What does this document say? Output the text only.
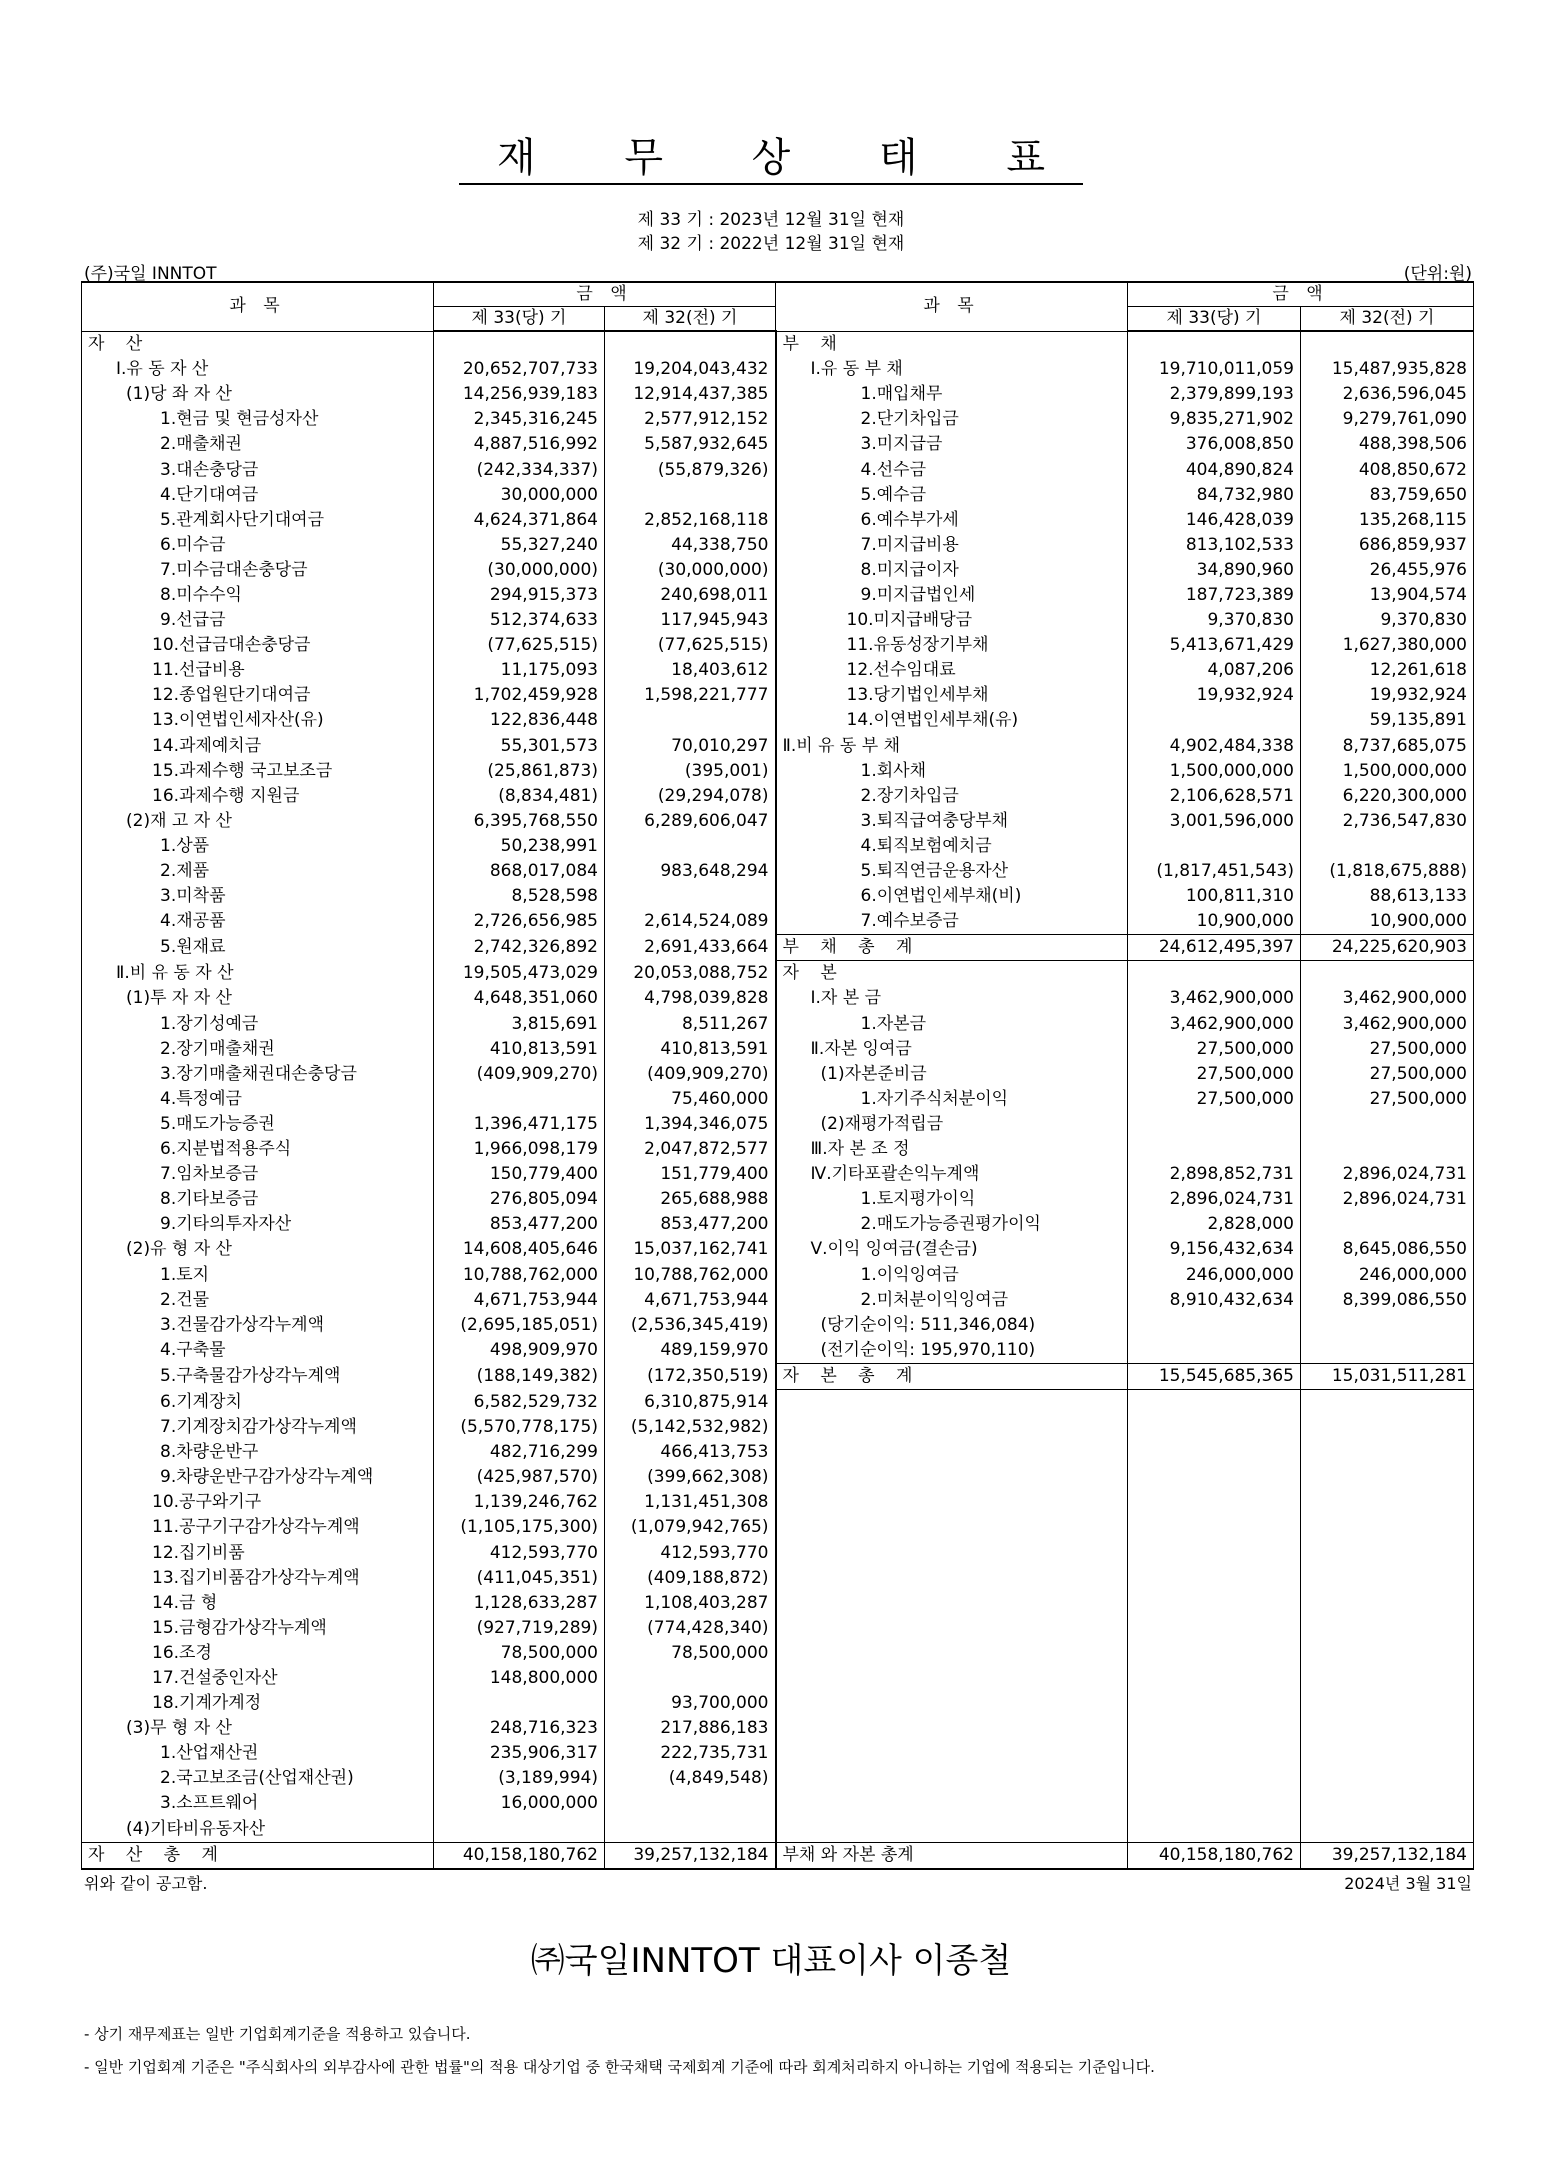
재 무 상 태 표
제 33 기 : 2023년 12월 31일 현재
제 32 기 : 2022년 12월 31일 현재
(주)국일 INNTOT	(단위:원)
과 목	금 액		과 목	금 액	
	제 33(당) 기	제 32(전) 기		제 33(당) 기	제 32(전) 기
자 산			부 채		
Ⅰ.유 동 자 산	20,652,707,733	19,204,043,432	Ⅰ.유 동 부 채	19,710,011,059	15,487,935,828
(1)당 좌 자 산	14,256,939,183	12,914,437,385	1.매입채무	2,379,899,193	2,636,596,045
1.현금 및 현금성자산	2,345,316,245	2,577,912,152	2.단기차입금	9,835,271,902	9,279,761,090
2.매출채권	4,887,516,992	5,587,932,645	3.미지급금	376,008,850	488,398,506
3.대손충당금	(242,334,337)	(55,879,326)	4.선수금	404,890,824	408,850,672
4.단기대여금	30,000,000		5.예수금	84,732,980	83,759,650
5.관계회사단기대여금	4,624,371,864	2,852,168,118	6.예수부가세	146,428,039	135,268,115
6.미수금	55,327,240	44,338,750	7.미지급비용	813,102,533	686,859,937
7.미수금대손충당금	(30,000,000)	(30,000,000)	8.미지급이자	34,890,960	26,455,976
8.미수수익	294,915,373	240,698,011	9.미지급법인세	187,723,389	13,904,574
9.선급금	512,374,633	117,945,943	10.미지급배당금	9,370,830	9,370,830
10.선급금대손충당금	(77,625,515)	(77,625,515)	11.유동성장기부채	5,413,671,429	1,627,380,000
11.선급비용	11,175,093	18,403,612	12.선수임대료	4,087,206	12,261,618
12.종업원단기대여금	1,702,459,928	1,598,221,777	13.당기법인세부채	19,932,924	19,932,924
13.이연법인세자산(유)	122,836,448		14.이연법인세부채(유)		59,135,891
14.과제예치금	55,301,573	70,010,297	Ⅱ.비 유 동 부 채	4,902,484,338	8,737,685,075
15.과제수행 국고보조금	(25,861,873)	(395,001)	1.회사채	1,500,000,000	1,500,000,000
16.과제수행 지원금	(8,834,481)	(29,294,078)	2.장기차입금	2,106,628,571	6,220,300,000
(2)재 고 자 산	6,395,768,550	6,289,606,047	3.퇴직급여충당부채	3,001,596,000	2,736,547,830
1.상품	50,238,991		4.퇴직보험예치금		
2.제품	868,017,084	983,648,294	5.퇴직연금운용자산	(1,817,451,543)	(1,818,675,888)
3.미착품	8,528,598		6.이연법인세부채(비)	100,811,310	88,613,133
4.재공품	2,726,656,985	2,614,524,089	7.예수보증금	10,900,000	10,900,000
5.원재료	2,742,326,892	2,691,433,664	부 채 총 계	24,612,495,397	24,225,620,903
Ⅱ.비 유 동 자 산	19,505,473,029	20,053,088,752	자 본		
(1)투 자 자 산	4,648,351,060	4,798,039,828	Ⅰ.자 본 금	3,462,900,000	3,462,900,000
1.장기성예금	3,815,691	8,511,267	1.자본금	3,462,900,000	3,462,900,000
2.장기매출채권	410,813,591	410,813,591	Ⅱ.자본 잉여금	27,500,000	27,500,000
3.장기매출채권대손충당금	(409,909,270)	(409,909,270)	(1)자본준비금	27,500,000	27,500,000
4.특정예금		75,460,000	1.자기주식처분이익	27,500,000	27,500,000
5.매도가능증권	1,396,471,175	1,394,346,075	(2)재평가적립금		
6.지분법적용주식	1,966,098,179	2,047,872,577	Ⅲ.자 본 조 정		
7.임차보증금	150,779,400	151,779,400	Ⅳ.기타포괄손익누계액	2,898,852,731	2,896,024,731
8.기타보증금	276,805,094	265,688,988	1.토지평가이익	2,896,024,731	2,896,024,731
9.기타의투자자산	853,477,200	853,477,200	2.매도가능증권평가이익	2,828,000	
(2)유 형 자 산	14,608,405,646	15,037,162,741	Ⅴ.이익 잉여금(결손금)	9,156,432,634	8,645,086,550
1.토지	10,788,762,000	10,788,762,000	1.이익잉여금	246,000,000	246,000,000
2.건물	4,671,753,944	4,671,753,944	2.미처분이익잉여금	8,910,432,634	8,399,086,550
3.건물감가상각누계액	(2,695,185,051)	(2,536,345,419)	(당기순이익: 511,346,084)		
4.구축물	498,909,970	489,159,970	(전기순이익: 195,970,110)		
5.구축물감가상각누계액	(188,149,382)	(172,350,519)	자 본 총 계	15,545,685,365	15,031,511,281
6.기계장치	6,582,529,732	6,310,875,914			
7.기계장치감가상각누계액	(5,570,778,175)	(5,142,532,982)			
8.차량운반구	482,716,299	466,413,753			
9.차량운반구감가상각누계액	(425,987,570)	(399,662,308)			
10.공구와기구	1,139,246,762	1,131,451,308			
11.공구기구감가상각누계액	(1,105,175,300)	(1,079,942,765)			
12.집기비품	412,593,770	412,593,770			
13.집기비품감가상각누계액	(411,045,351)	(409,188,872)			
14.금 형	1,128,633,287	1,108,403,287			
15.금형감가상각누계액	(927,719,289)	(774,428,340)			
16.조경	78,500,000	78,500,000			
17.건설중인자산	148,800,000				
18.기계가계정		93,700,000			
(3)무 형 자 산	248,716,323	217,886,183			
1.산업재산권	235,906,317	222,735,731			
2.국고보조금(산업재산권)	(3,189,994)	(4,849,548)			
3.소프트웨어	16,000,000				
(4)기타비유동자산					
자 산 총 계	40,158,180,762	39,257,132,184	부채 와 자본 총계	40,158,180,762	39,257,132,184
위와 같이 공고함.	2024년 3월 31일
㈜국일INNTOT 대표이사 이종철
- 상기 재무제표는 일반 기업회계기준을 적용하고 있습니다.
- 일반 기업회계 기준은 "주식회사의 외부감사에 관한 법률"의 적용 대상기업 중 한국채택 국제회계 기준에 따라 회계처리하지 아니하는 기업에 적용되는 기준입니다.
